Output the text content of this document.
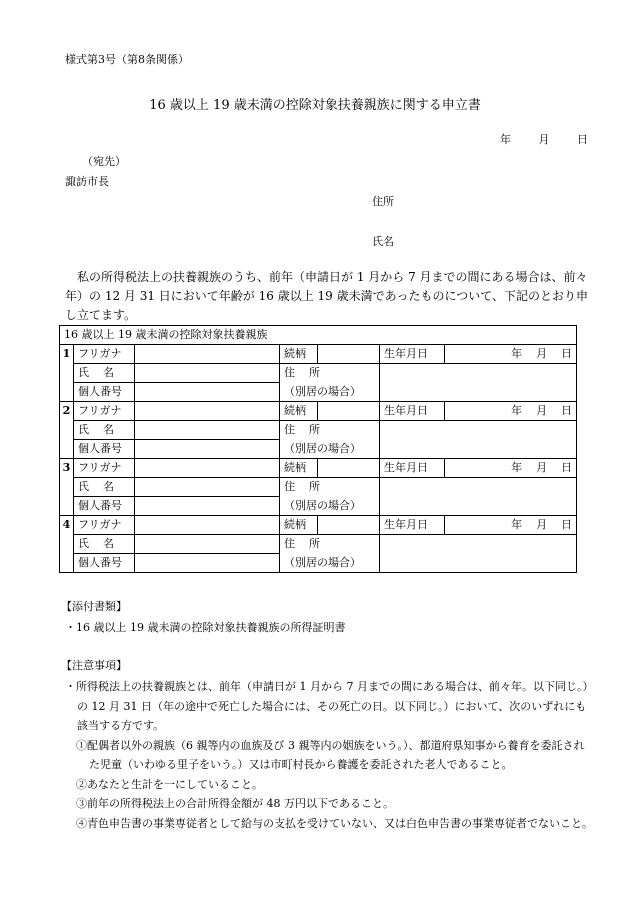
様式第3号（第8条関係）
16 歳以上 19 歳未満の控除対象扶養親族に関する申立書
年	月	日
（宛先）
諏訪市長
住所
氏名
　私の所得税法上の扶養親族のうち、前年（申請日が 1 月から 7 月までの間にある場合は、前々年）の 12 月 31 日において年齢が 16 歳以上 19 歳未満であったものについて、下記のとおり申し立てます。
16 歳以上 19 歳未満の控除対象扶養親族						
1	フリガナ		続柄		生年月日	年 月 日

	氏 名		住 所			

	個人番号		（別居の場合）			
2	フリガナ		続柄		生年月日	年 月 日

	氏 名		住 所			

	個人番号		（別居の場合）			
3	フリガナ		続柄		生年月日	年 月 日

	氏 名		住 所			

	個人番号		（別居の場合）			
4	フリガナ		続柄		生年月日	年 月 日

	氏 名		住 所			

	個人番号		（別居の場合）			
【添付書類】
・16 歳以上 19 歳未満の控除対象扶養親族の所得証明書
【注意事項】
・所得税法上の扶養親族とは、前年（申請日が 1 月から 7 月までの間にある場合は、前々年。以下同じ。）の 12 月 31 日（年の途中で死亡した場合には、その死亡の日。以下同じ。）において、次のいずれにも該当する方です。
①配偶者以外の親族（6 親等内の血族及び 3 親等内の姻族をいう。）、都道府県知事から養育を委託された児童（いわゆる里子をいう。）又は市町村長から養護を委託された老人であること。
②あなたと生計を一にしていること。
③前年の所得税法上の合計所得金額が 48 万円以下であること。
④青色申告書の事業専従者として給与の支払を受けていない、又は白色申告書の事業専従者でないこと。
